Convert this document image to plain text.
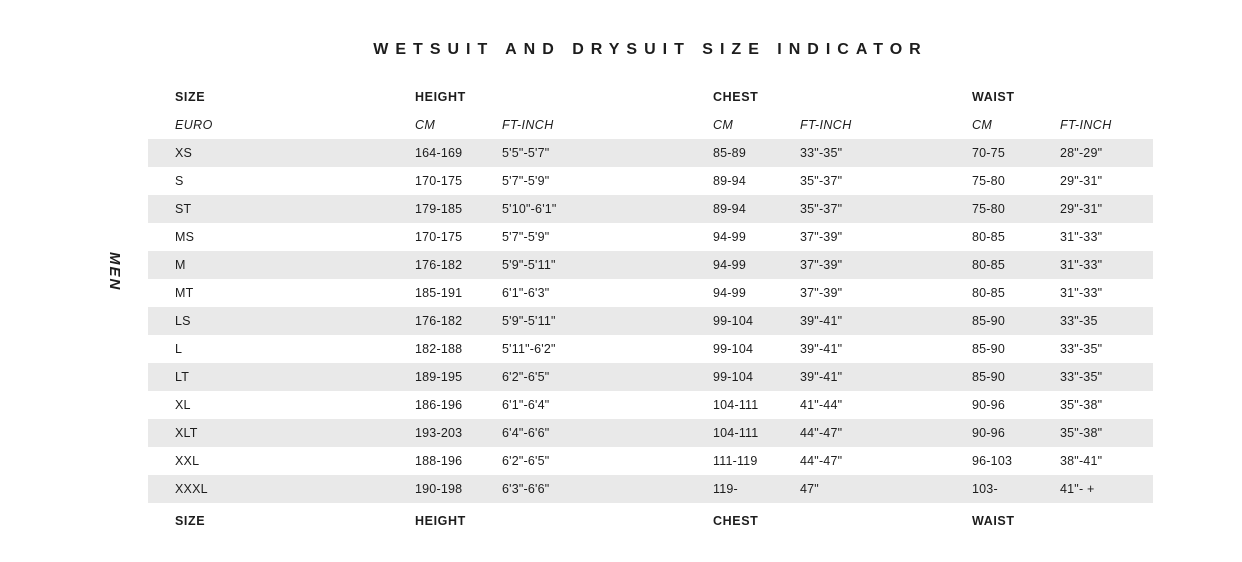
WETSUIT AND DRYSUIT SIZE INDICATOR
MEN
SIZE	HEIGHT	CHEST	WAIST
EURO	CM	FT-INCH	CM	FT-INCH	CM	FT-INCH
XS	164-169	5'5"-5'7"	85-89	33"-35"	70-75	28"-29"
S	170-175	5'7"-5'9"	89-94	35"-37"	75-80	29"-31"
ST	179-185	5'10"-6'1"	89-94	35"-37"	75-80	29"-31"
MS	170-175	5'7"-5'9"	94-99	37"-39"	80-85	31"-33"
M	176-182	5'9"-5'11"	94-99	37"-39"	80-85	31"-33"
MT	185-191	6'1"-6'3"	94-99	37"-39"	80-85	31"-33"
LS	176-182	5'9"-5'11"	99-104	39"-41"	85-90	33"-35
L	182-188	5'11"-6'2"	99-104	39"-41"	85-90	33"-35"
LT	189-195	6'2"-6'5"	99-104	39"-41"	85-90	33"-35"
XL	186-196	6'1"-6'4"	104-111	41"-44"	90-96	35"-38"
XLT	193-203	6'4"-6'6"	104-111	44"-47"	90-96	35"-38"
XXL	188-196	6'2"-6'5"	111-119	44"-47"	96-103	38"-41"
XXXL	190-198	6'3"-6'6"	119-	47"	103-	41"- +
SIZE	HEIGHT	CHEST	WAIST
